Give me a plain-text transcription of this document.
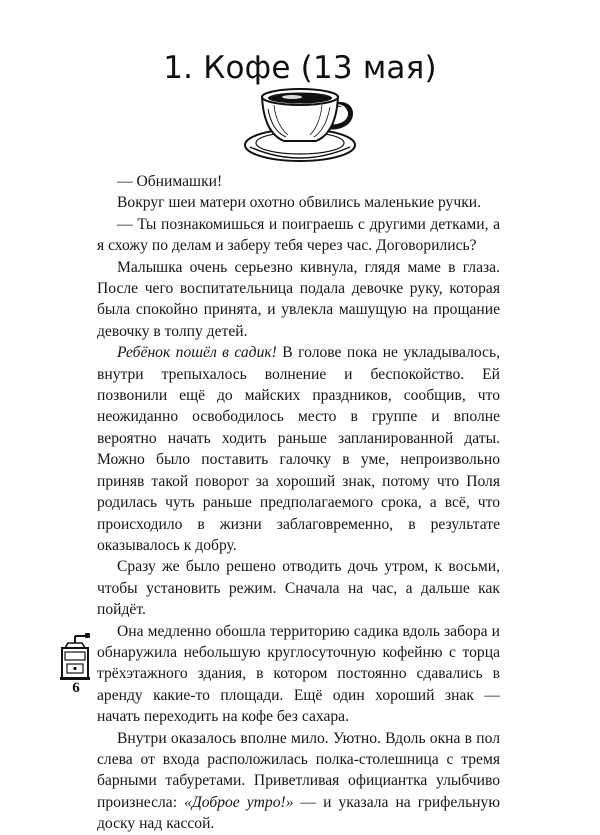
1. Кофе (13 мая)

— Обнимашки!

Вокруг шеи матери охотно обвились маленькие ручки.

— Ты познакомишься и поиграешь с другими детками, а я схожу по делам и заберу тебя через час. Договорились?

Малышка очень серьезно кивнула, глядя маме в глаза. После чего воспитательница подала девочке руку, которая была спокойно принята, и увлекла машущую на прощание девочку в толпу детей.

Ребёнок пошёл в садик! В голове пока не укладывалось, внутри трепыхалось волнение и беспокойство. Ей позвонили ещё до майских праздников, сообщив, что неожиданно освободилось место в группе и вполне вероятно начать ходить раньше запланированной даты. Можно было поставить галочку в уме, непроизвольно приняв такой поворот за хороший знак, потому что Поля родилась чуть раньше предполагаемого срока, а всё, что происходило в жизни заблаговременно, в результате оказывалось к добру.

Сразу же было решено отводить дочь утром, к восьми, чтобы установить режим. Сначала на час, а дальше как пойдёт.

Она медленно обошла территорию садика вдоль забора и обнаружила небольшую круглосуточную кофейню с торца трёхэтажного здания, в котором постоянно сдавались в аренду какие-то площади. Ещё один хороший знак — начать переходить на кофе без сахара.

Внутри оказалось вполне мило. Уютно. Вдоль окна в пол слева от входа расположилась полка-столешница с тремя барными табуретами. Приветливая официантка улыбчиво произнесла: «Доброе утро!» — и указала на грифельную доску над кассой.

6
